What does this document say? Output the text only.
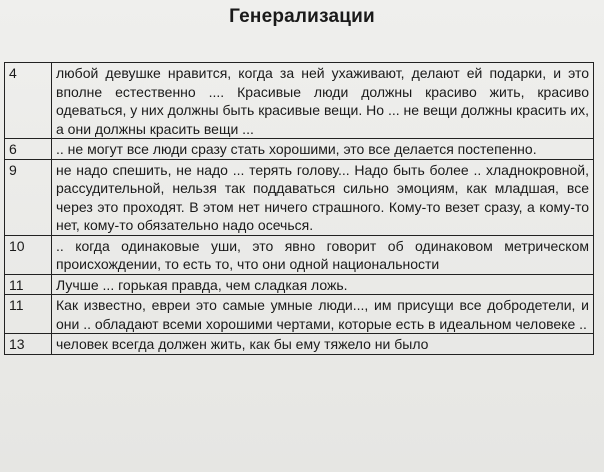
Генерализации
4	любой девушке нравится, когда за ней ухаживают, делают ей подарки, и это вполне естественно .... Красивые люди должны красиво жить, красиво одеваться, у них должны быть красивые вещи. Но ... не вещи должны красить их, а они должны красить вещи ...
6	.. не могут все люди сразу стать хорошими, это все делается постепенно.
9	не надо спешить, не надо ... терять голову... Надо быть более .. хладнокровной, рассудительной, нельзя так поддаваться сильно эмоциям, как младшая, все через это проходят. В этом нет ничего страшного. Кому-то везет сразу, а кому-то нет, кому-то обязательно надо осечься.
10	.. когда одинаковые уши, это явно говорит об одинаковом метрическом происхождении, то есть то, что они одной национальности
11	Лучше ... горькая правда, чем сладкая ложь.
11	Как известно, евреи это самые умные люди..., им присущи все добродетели, и они .. обладают всеми хорошими чертами, которые есть в идеальном человеке ..
13	человек всегда должен жить, как бы ему тяжело ни было
